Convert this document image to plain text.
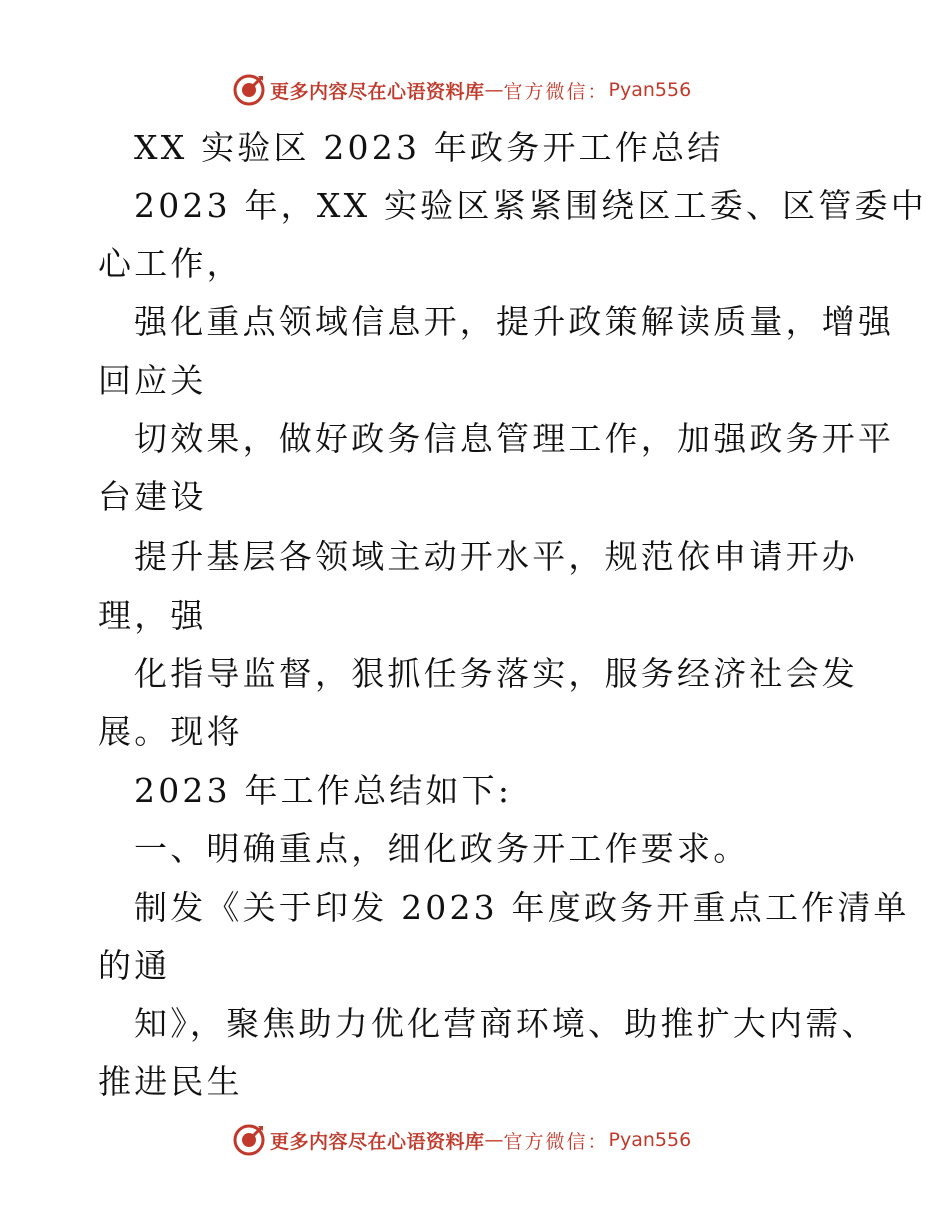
更多内容尽在心语资料库 — 官方微信： Pyan556
XX 实验区 2023 年政务开工作总结
2023 年，XX 实验区紧紧围绕区工委、区管委中
心工作，
强化重点领域信息开，提升政策解读质量，增强
回应关
切效果，做好政务信息管理工作，加强政务开平
台建设
提升基层各领域主动开水平，规范依申请开办
理，强
化指导监督，狠抓任务落实，服务经济社会发
展。现将
2023 年工作总结如下:
一、明确重点，细化政务开工作要求。
制发《关于印发 2023 年度政务开重点工作清单
的通
知》，聚焦助力优化营商环境、助推扩大内需、
推进民生
更多内容尽在心语资料库 — 官方微信： Pyan556
